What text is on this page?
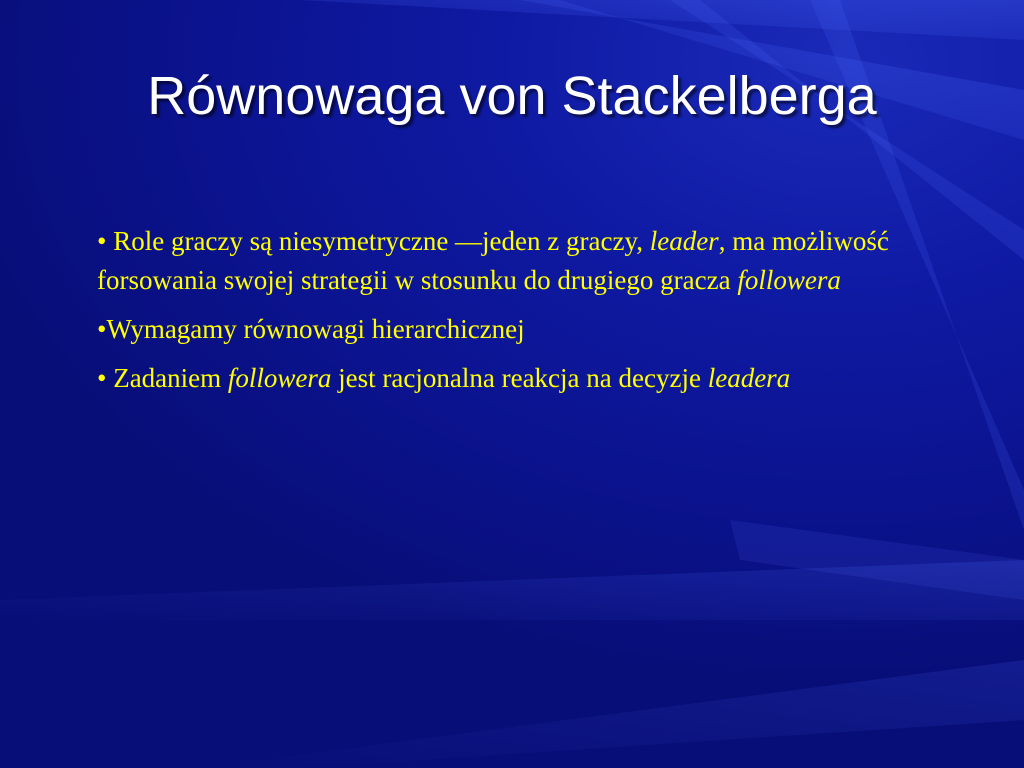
Równowaga von Stackelberga

• Role graczy są niesymetryczne —jeden z graczy, leader, ma możliwość forsowania swojej strategii w stosunku do drugiego gracza followera

•Wymagamy równowagi hierarchicznej

• Zadaniem followera jest racjonalna reakcja na decyzje leadera
